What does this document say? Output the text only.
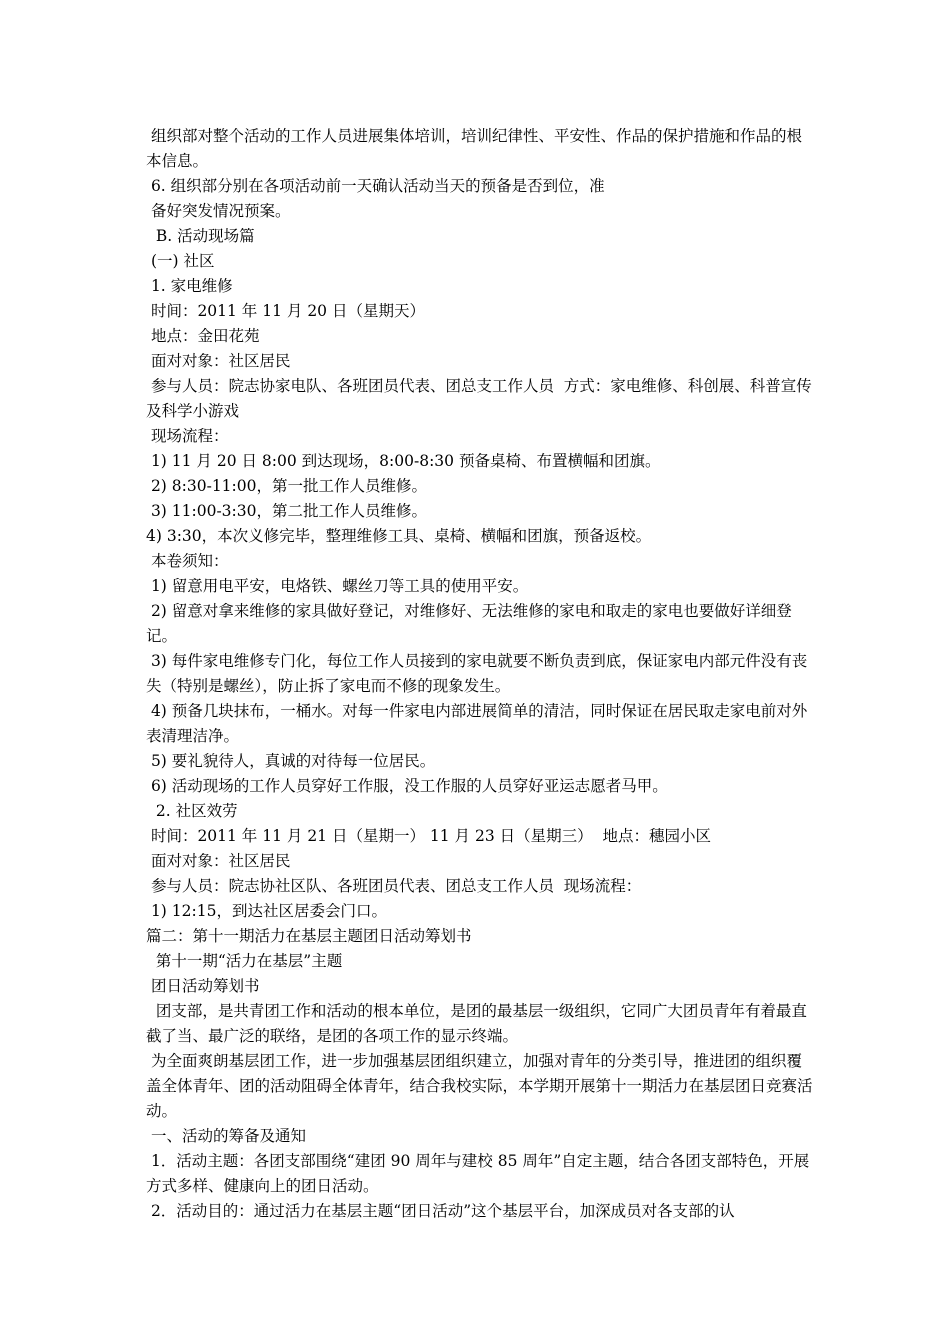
组织部对整个活动的工作人员进展集体培训，培训纪律性、平安性、作品的保护措施和作品的根本信息。

6. 组织部分别在各项活动前一天确认活动当天的预备是否到位，准

备好突发情况预案。

B. 活动现场篇

(一) 社区

1. 家电维修

时间：2011 年 11 月 20 日（星期天）

地点：金田花苑

面对对象：社区居民

参与人员：院志协家电队、各班团员代表、团总支工作人员  方式：家电维修、科创展、科普宣传及科学小游戏

现场流程：

1) 11 月 20 日 8:00 到达现场，8:00-8:30 预备桌椅、布置横幅和团旗。

2) 8:30-11:00，第一批工作人员维修。

3) 11:00-3:30，第二批工作人员维修。

4) 3:30，本次义修完毕，整理维修工具、桌椅、横幅和团旗，预备返校。

本卷须知：

1) 留意用电平安，电烙铁、螺丝刀等工具的使用平安。

2) 留意对拿来维修的家具做好登记，对维修好、无法维修的家电和取走的家电也要做好详细登记。

3) 每件家电维修专门化，每位工作人员接到的家电就要不断负责到底，保证家电内部元件没有丧失（特别是螺丝），防止拆了家电而不修的现象发生。

4) 预备几块抹布，一桶水。对每一件家电内部进展简单的清洁，同时保证在居民取走家电前对外表清理洁净。

5) 要礼貌待人，真诚的对待每一位居民。

6) 活动现场的工作人员穿好工作服，没工作服的人员穿好亚运志愿者马甲。

2. 社区效劳

时间：2011 年 11 月 21 日（星期一） 11 月 23 日（星期三）  地点：穗园小区

面对对象：社区居民

参与人员：院志协社区队、各班团员代表、团总支工作人员  现场流程：

1) 12:15，到达社区居委会门口。

篇二：第十一期活力在基层主题团日活动筹划书

第十一期“活力在基层”主题

团日活动筹划书

团支部，是共青团工作和活动的根本单位，是团的最基层一级组织，它同广大团员青年有着最直截了当、最广泛的联络，是团的各项工作的显示终端。

为全面爽朗基层团工作，进一步加强基层团组织建立，加强对青年的分类引导，推进团的组织覆盖全体青年、团的活动阻碍全体青年，结合我校实际，本学期开展第十一期活力在基层团日竞赛活动。

一、活动的筹备及通知

1．活动主题：各团支部围绕“建团 90 周年与建校 85 周年”自定主题，结合各团支部特色，开展方式多样、健康向上的团日活动。

2．活动目的：通过活力在基层主题“团日活动”这个基层平台，加深成员对各支部的认
